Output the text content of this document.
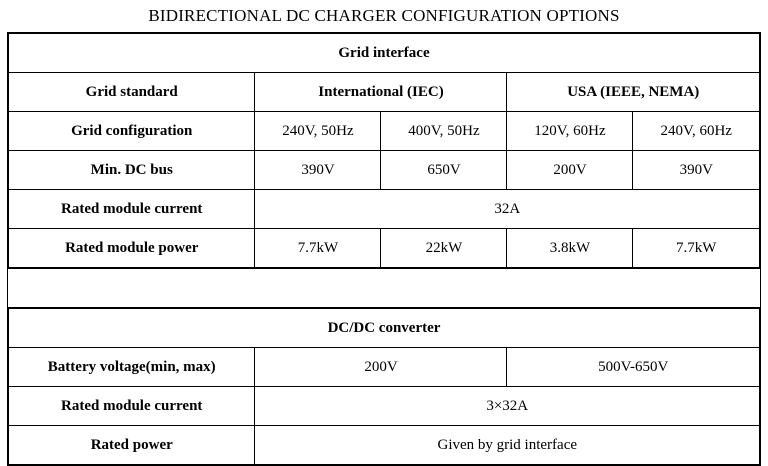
BIDIRECTIONAL DC CHARGER CONFIGURATION OPTIONS
Grid interface				
Grid standard	International (IEC)		USA (IEEE, NEMA)	
Grid configuration	240V, 50Hz	400V, 50Hz	120V, 60Hz	240V, 60Hz
Min. DC bus	390V	650V	200V	390V
Rated module current	32A			
Rated module power	7.7kW	22kW	3.8kW	7.7kW

DC/DC converter				
Battery voltage(min, max)	200V		500V-650V	
Rated module current	3×32A			
Rated power	Given by grid interface			
